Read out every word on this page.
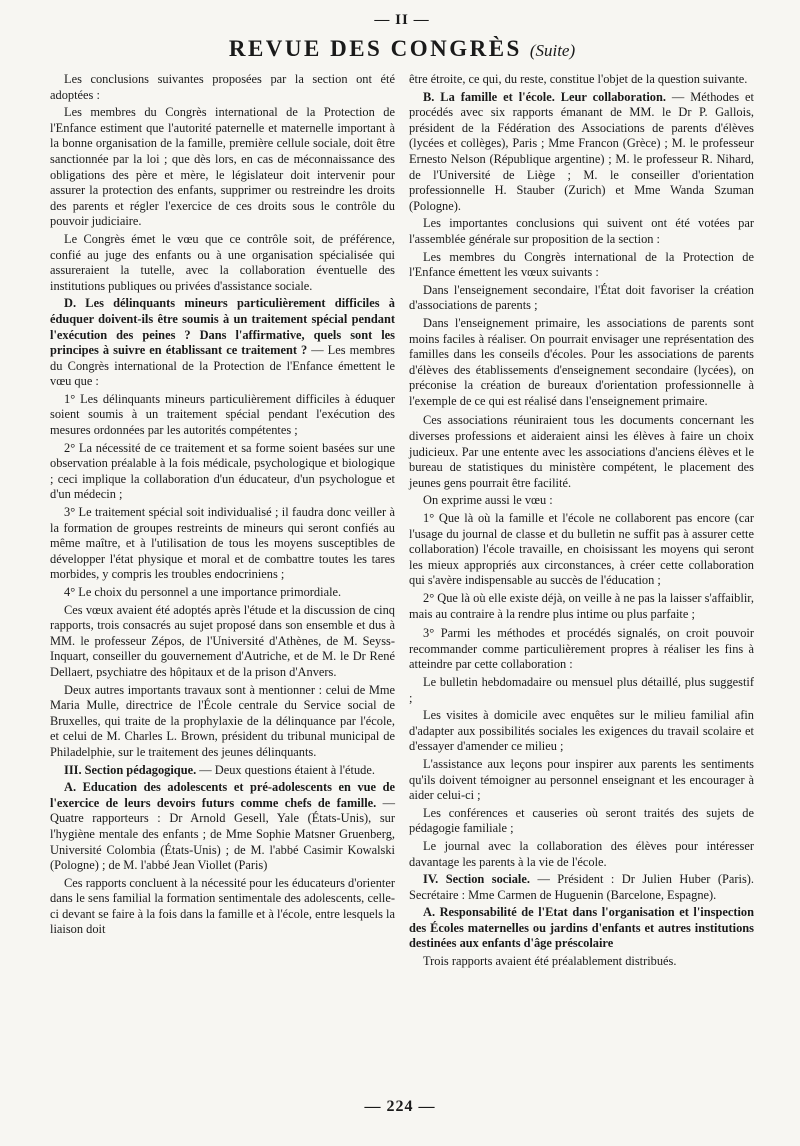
— II —
REVUE DES CONGRÈS (Suite)

Les conclusions suivantes proposées par la section ont été adoptées :

Les membres du Congrès international de la Protection de l'Enfance estiment que l'autorité paternelle et maternelle important à la bonne organisation de la famille, première cellule sociale, doit être sanctionnée par la loi ; que dès lors, en cas de méconnaissance des obligations des père et mère, le législateur doit intervenir pour assurer la protection des enfants, supprimer ou restreindre les droits des parents et régler l'exercice de ces droits sous le contrôle du pouvoir judiciaire.

Le Congrès émet le vœu que ce contrôle soit, de préférence, confié au juge des enfants ou à une organisation spécialisée qui assureraient la tutelle, avec la collaboration éventuelle des institutions publiques ou privées d'assistance sociale.

D. Les délinquants mineurs particulièrement difficiles à éduquer doivent-ils être soumis à un traitement spécial pendant l'exécution des peines ? Dans l'affirmative, quels sont les principes à suivre en établissant ce traitement ? — Les membres du Congrès international de la Protection de l'Enfance émettent le vœu que :

1° Les délinquants mineurs particulièrement difficiles à éduquer soient soumis à un traitement spécial pendant l'exécution des mesures ordonnées par les autorités compétentes ;

2° La nécessité de ce traitement et sa forme soient basées sur une observation préalable à la fois médicale, psychologique et biologique ; ceci implique la collaboration d'un éducateur, d'un psychologue et d'un médecin ;

3° Le traitement spécial soit individualisé ; il faudra donc veiller à la formation de groupes restreints de mineurs qui seront confiés au même maître, et à l'utilisation de tous les moyens susceptibles de développer l'état physique et moral et de combattre toutes les tares morbides, y compris les troubles endocriniens ;

4° Le choix du personnel a une importance primordiale.

Ces vœux avaient été adoptés après l'étude et la discussion de cinq rapports, trois consacrés au sujet proposé dans son ensemble et dus à MM. le professeur Zépos, de l'Université d'Athènes, de M. Seyss-Inquart, conseiller du gouvernement d'Autriche, et de M. le Dr René Dellaert, psychiatre des hôpitaux et de la prison d'Anvers.

Deux autres importants travaux sont à mentionner : celui de Mme Maria Mulle, directrice de l'École centrale du Service social de Bruxelles, qui traite de la prophylaxie de la délinquance par l'école, et celui de M. Charles L. Brown, président du tribunal municipal de Philadelphie, sur le traitement des jeunes délinquants.

III. Section pédagogique. — Deux questions étaient à l'étude.

A. Education des adolescents et pré-adolescents en vue de l'exercice de leurs devoirs futurs comme chefs de famille. — Quatre rapporteurs : Dr Arnold Gesell, Yale (États-Unis), sur l'hygiène mentale des enfants ; de Mme Sophie Matsner Gruenberg, Université Colombia (États-Unis) ; de M. l'abbé Casimir Kowalski (Pologne) ; de M. l'abbé Jean Viollet (Paris)

Ces rapports concluent à la nécessité pour les éducateurs d'orienter dans le sens familial la formation sentimentale des adolescents, celle-ci devant se faire à la fois dans la famille et à l'école, entre lesquels la liaison doit

être étroite, ce qui, du reste, constitue l'objet de la question suivante.

B. La famille et l'école. Leur collaboration. — Méthodes et procédés avec six rapports émanant de MM. le Dr P. Gallois, président de la Fédération des Associations de parents d'élèves (lycées et collèges), Paris ; Mme Francon (Grèce) ; M. le professeur Ernesto Nelson (République argentine) ; M. le professeur R. Nihard, de l'Université de Liège ; M. le conseiller d'orientation professionnelle H. Stauber (Zurich) et Mme Wanda Szuman (Pologne).

Les importantes conclusions qui suivent ont été votées par l'assemblée générale sur proposition de la section :

Les membres du Congrès international de la Protection de l'Enfance émettent les vœux suivants :

Dans l'enseignement secondaire, l'État doit favoriser la création d'associations de parents ;

Dans l'enseignement primaire, les associations de parents sont moins faciles à réaliser. On pourrait envisager une représentation des familles dans les conseils d'écoles. Pour les associations de parents d'élèves des établissements d'enseignement secondaire (lycées), on préconise la création de bureaux d'orientation professionnelle à l'exemple de ce qui est réalisé dans l'enseignement primaire.

Ces associations réuniraient tous les documents concernant les diverses professions et aideraient ainsi les élèves à faire un choix judicieux. Par une entente avec les associations d'anciens élèves et le bureau de statistiques du ministère compétent, le placement des jeunes gens pourrait être facilité.

On exprime aussi le vœu :

1° Que là où la famille et l'école ne collaborent pas encore (car l'usage du journal de classe et du bulletin ne suffit pas à assurer cette collaboration) l'école travaille, en choisissant les moyens qui seront les mieux appropriés aux circonstances, à créer cette collaboration qui s'avère indispensable au succès de l'éducation ;

2° Que là où elle existe déjà, on veille à ne pas la laisser s'affaiblir, mais au contraire à la rendre plus intime ou plus parfaite ;

3° Parmi les méthodes et procédés signalés, on croit pouvoir recommander comme particulièrement propres à réaliser les fins à atteindre par cette collaboration :

Le bulletin hebdomadaire ou mensuel plus détaillé, plus suggestif ;

Les visites à domicile avec enquêtes sur le milieu familial afin d'adapter aux possibilités sociales les exigences du travail scolaire et d'essayer d'amender ce milieu ;

L'assistance aux leçons pour inspirer aux parents les sentiments qu'ils doivent témoigner au personnel enseignant et les encourager à aider celui-ci ;

Les conférences et causeries où seront traités des sujets de pédagogie familiale ;

Le journal avec la collaboration des élèves pour intéresser davantage les parents à la vie de l'école.

IV. Section sociale. — Président : Dr Julien Huber (Paris). Secrétaire : Mme Carmen de Huguenin (Barcelone, Espagne).

A. Responsabilité de l'Etat dans l'organisation et l'inspection des Écoles maternelles ou jardins d'enfants et autres institutions destinées aux enfants d'âge préscolaire

Trois rapports avaient été préalablement distribués.

— 224 —
